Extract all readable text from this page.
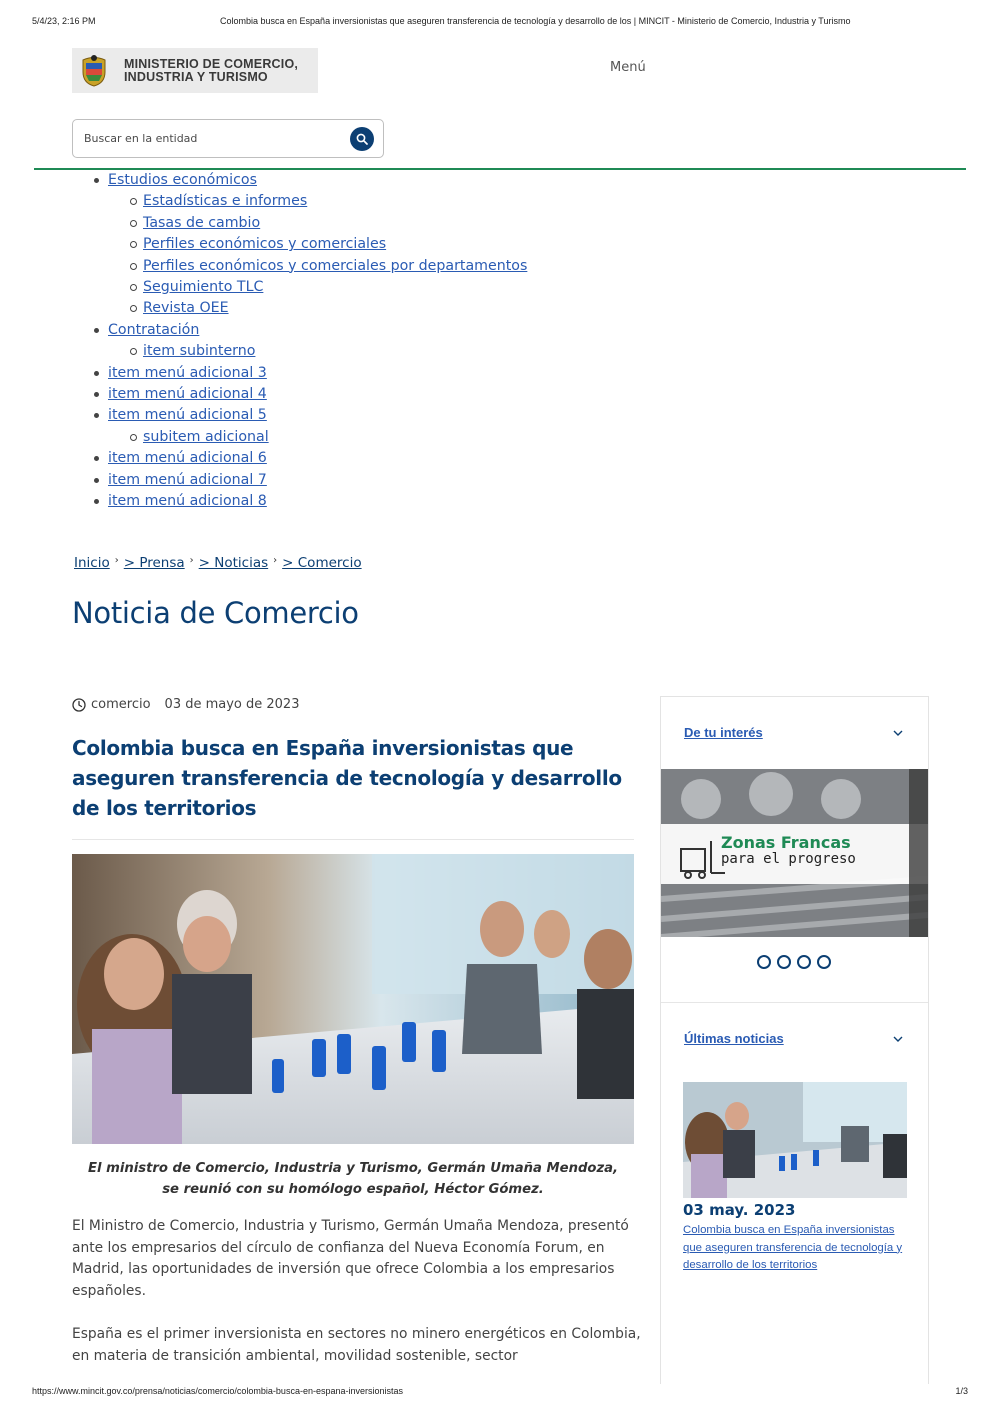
5/4/23, 2:16 PM	Colombia busca en España inversionistas que aseguren transferencia de tecnología y desarrollo de los | MINCIT - Ministerio de Comercio, Industria y Turismo
MINISTERIO DE COMERCIO,
INDUSTRIA Y TURISMO
Menú
Buscar en la entidad
Estudios económicos
Estadísticas e informes
Tasas de cambio
Perfiles económicos y comerciales
Perfiles económicos y comerciales por departamentos
Seguimiento TLC
Revista OEE
Contratación
item subinterno
item menú adicional 3
item menú adicional 4
item menú adicional 5
subitem adicional
item menú adicional 6
item menú adicional 7
item menú adicional 8
Inicio › > Prensa › > Noticias › > Comercio
Noticia de Comercio
comercio 03 de mayo de 2023
Colombia busca en España inversionistas que aseguren transferencia de tecnología y desarrollo de los territorios

El ministro de Comercio, Industria y Turismo, Germán Umaña Mendoza, se reunió con su homólogo español, Héctor Gómez.

El Ministro de Comercio, Industria y Turismo, Germán Umaña Mendoza, presentó ante los empresarios del círculo de confianza del Nueva Economía Forum, en Madrid, las oportunidades de inversión que ofrece Colombia a los empresarios españoles.

España es el primer inversionista en sectores no minero energéticos en Colombia, en materia de transición ambiental, movilidad sostenible, sector

De tu interés
Zonas Francas
para el progreso
Últimas noticias
03 may. 2023
Colombia busca en España inversionistas que aseguren transferencia de tecnología y desarrollo de los territorios
https://www.mincit.gov.co/prensa/noticias/comercio/colombia-busca-en-espana-inversionistas	1/3
